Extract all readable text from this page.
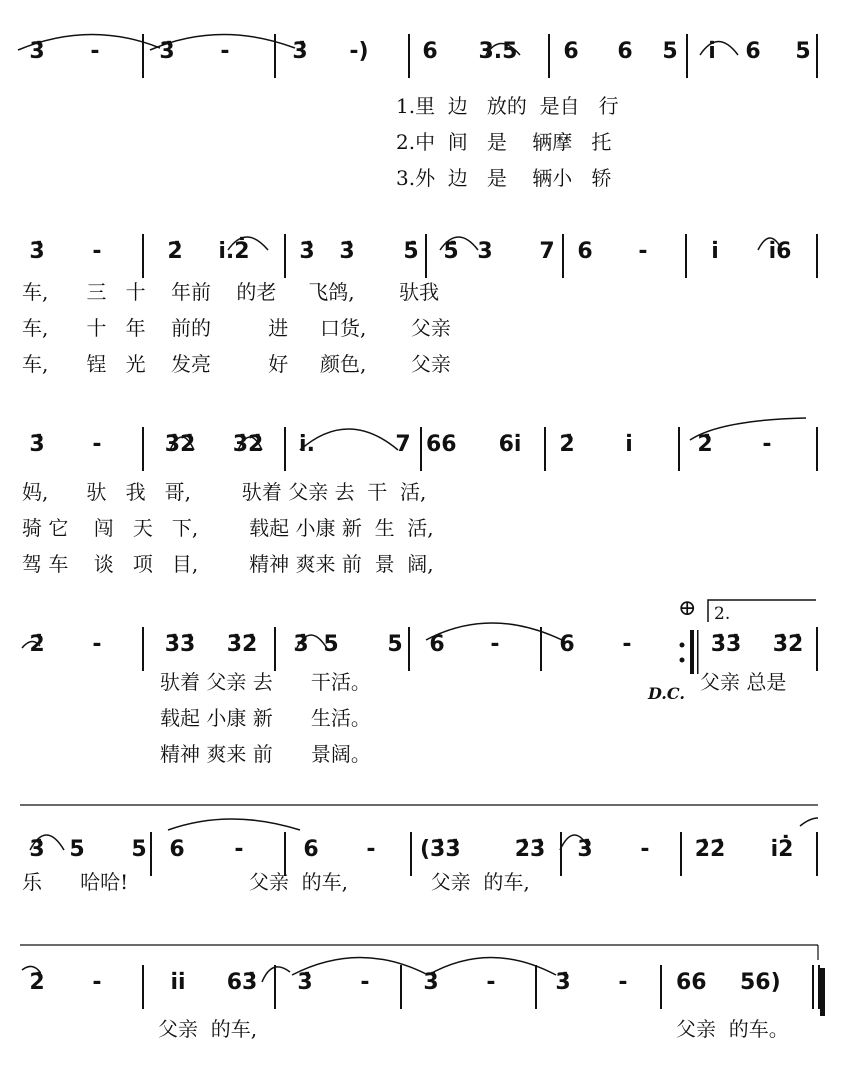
3̇	-	3̇	-	3̇	-)	6	3.5	6	6	5	i̇	6	5
1.里  边   放的  是自   行
2.中  间   是    辆摩   托
3.外  边   是    辆小   轿
3̇	-	2̇	i.2̇	3̇	3̇	5̇	5̇ 3	7	6	-	i̇	i̇6
车,      三   十    年前    的老     飞鸽,       驮我
车,      十   年    前的         进     口货,       父亲
车,      锃   光    发亮         好     颜色,       父亲
3̇	-	3̇2̇ 3̇2̇	i.	7 66	6i̇	2̇	i̇	2̇	-
妈,      驮   我   哥,        驮着 父亲 去  干  活,
骑 它    闯   天   下,        载起 小康 新  生  活,
驾 车    谈   项   目,        精神 爽来 前  景  阔,
2̇	-	3̇3̇ 3̇2̇	3̇ 5	5	6	-	6	-	3̇3̇ 3̇2̇
驮着 父亲 去      干活。
载起 小康 新      生活。
精神 爽来 前      景阔。
父亲 总是
3̇	5	5	6	-	6	-	(3̇3̇ 2̇3̇	3̇	-	2̇2̇	i̇2̇
乐      哈哈!                   父亲  的车,             父亲  的车,
2̇	-	i̇i̇	63̇	3̇	-	3̇	-	3̇	-	66 56)
父亲  的车,	父亲  的车。
⊕ 2.
D.C.
